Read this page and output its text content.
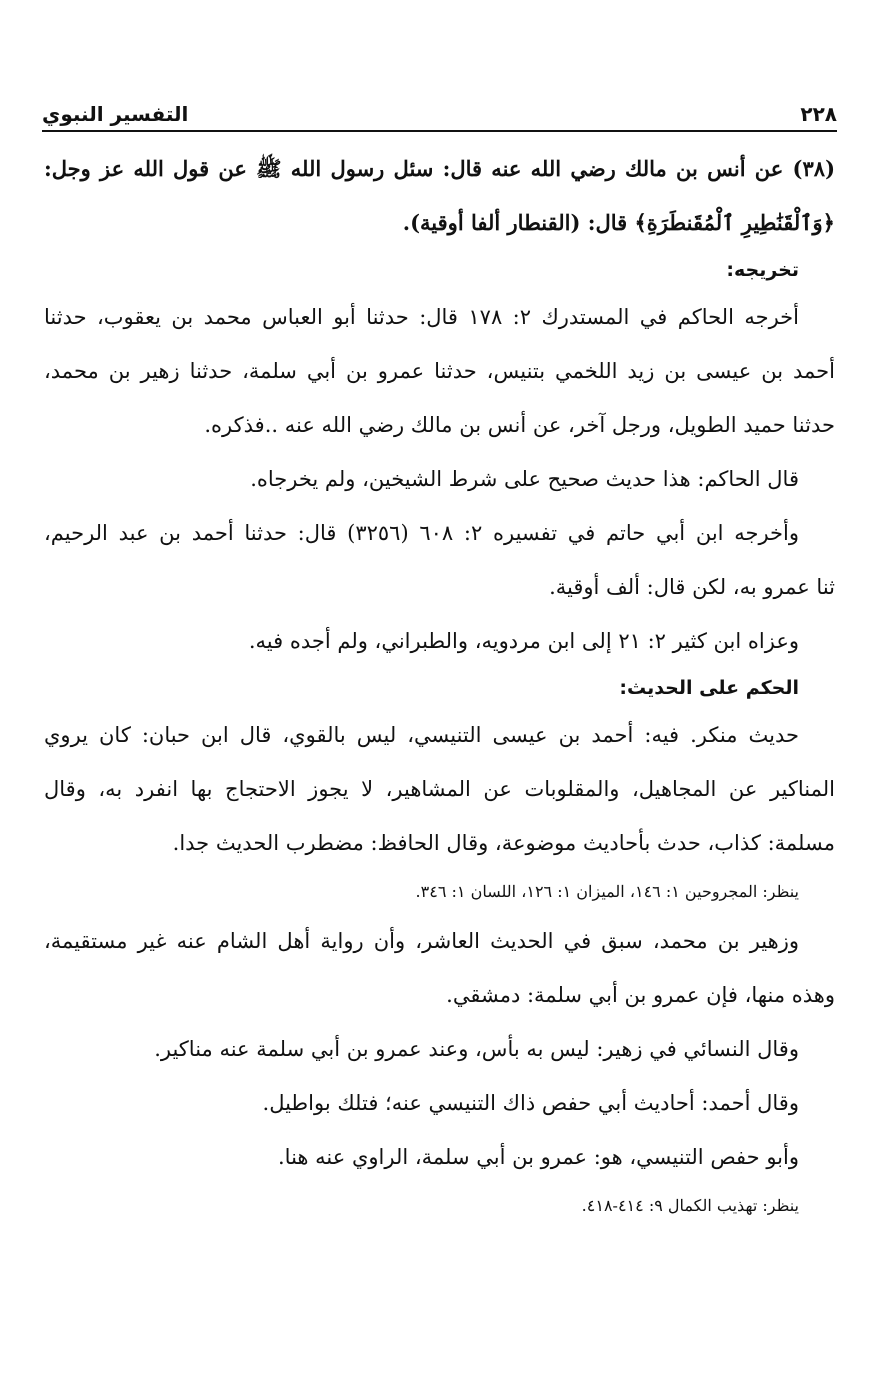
٢٢٨
التفسير النبوي
(٣٨) عن أنس بن مالك رضي الله عنه قال: سئل رسول الله ﷺ عن قول الله عز وجل:
﴿وَٱلْقَنَٰطِيرِ ٱلْمُقَنطَرَةِ﴾ قال: (القنطار ألفا أوقية).
تخريجه:
أخرجه الحاكم في المستدرك ٢: ١٧٨ قال: حدثنا أبو العباس محمد بن يعقوب، حدثنا
أحمد بن عيسى بن زيد اللخمي بتنيس، حدثنا عمرو بن أبي سلمة، حدثنا زهير بن محمد،
حدثنا حميد الطويل، ورجل آخر، عن أنس بن مالك رضي الله عنه ..فذكره.
قال الحاكم: هذا حديث صحيح على شرط الشيخين، ولم يخرجاه.
وأخرجه ابن أبي حاتم في تفسيره ٢: ٦٠٨ (٣٢٥٦) قال: حدثنا أحمد بن عبد الرحيم،
ثنا عمرو به، لكن قال: ألف أوقية.
وعزاه ابن كثير ٢: ٢١ إلى ابن مردويه، والطبراني، ولم أجده فيه.
الحكم على الحديث:
حديث منكر. فيه: أحمد بن عيسى التنيسي، ليس بالقوي، قال ابن حبان: كان يروي
المناكير عن المجاهيل، والمقلوبات عن المشاهير، لا يجوز الاحتجاج بها انفرد به، وقال
مسلمة: كذاب، حدث بأحاديث موضوعة، وقال الحافظ: مضطرب الحديث جدا.
ينظر: المجروحين ١: ١٤٦، الميزان ١: ١٢٦، اللسان ١: ٣٤٦.
وزهير بن محمد، سبق في الحديث العاشر، وأن رواية أهل الشام عنه غير مستقيمة،
وهذه منها، فإن عمرو بن أبي سلمة: دمشقي.
وقال النسائي في زهير: ليس به بأس، وعند عمرو بن أبي سلمة عنه مناكير.
وقال أحمد: أحاديث أبي حفص ذاك التنيسي عنه؛ فتلك بواطيل.
وأبو حفص التنيسي، هو: عمرو بن أبي سلمة، الراوي عنه هنا.
ينظر: تهذيب الكمال ٩: ٤١٤-٤١٨.
